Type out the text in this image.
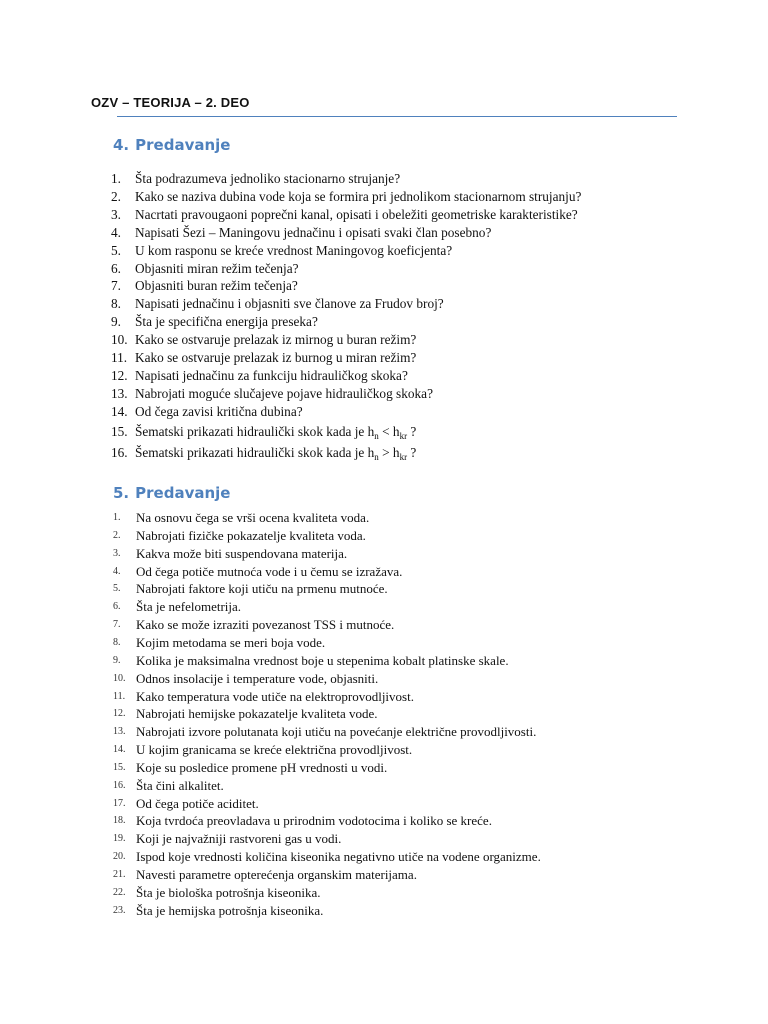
OZV – TEORIJA – 2. DEO
4. Predavanje
1. Šta podrazumeva jednoliko stacionarno strujanje?
2. Kako se naziva dubina vode koja se formira pri jednolikom stacionarnom strujanju?
3. Nacrtati pravougaoni poprečni kanal, opisati i obeležiti geometriske karakteristike?
4. Napisati Šezi – Maningovu jednačinu i opisati svaki član posebno?
5. U kom rasponu se kreće vrednost Maningovog koeficjenta?
6. Objasniti miran režim tečenja?
7. Objasniti buran režim tečenja?
8. Napisati jednačinu i objasniti sve članove za Frudov broj?
9. Šta je specifična energija preseka?
10. Kako se ostvaruje prelazak iz mirnog u buran režim?
11. Kako se ostvaruje prelazak iz burnog u miran režim?
12. Napisati jednačinu za funkciju hidrauličkog skoka?
13. Nabrojati moguće slučajeve pojave hidrauličkog skoka?
14. Od čega zavisi kritična dubina?
15. Šematski prikazati hidraulički skok kada je $h_n < h_{kr}$ ?
16. Šematski prikazati hidraulički skok kada je $h_n > h_{kr}$ ?
5. Predavanje
1. Na osnovu čega se vrši ocena kvaliteta voda.
2. Nabrojati fizičke pokazatelje kvaliteta voda.
3. Kakva može biti suspendovana materija.
4. Od čega potiče mutnoća vode i u čemu se izražava.
5. Nabrojati faktore koji utiču na prmenu mutnoće.
6. Šta je nefelometrija.
7. Kako se može izraziti povezanost TSS i mutnoće.
8. Kojim metodama se meri boja vode.
9. Kolika je maksimalna vrednost boje u stepenima kobalt platinske skale.
10. Odnos insolacije i temperature vode, objasniti.
11. Kako temperatura vode utiče na elektroprovodljivost.
12. Nabrojati hemijske pokazatelje kvaliteta vode.
13. Nabrojati izvore polutanata koji utiču na povećanje električne provodljivosti.
14. U kojim granicama se kreće električna provodljivost.
15. Koje su posledice promene pH vrednosti u vodi.
16. Šta čini alkalitet.
17. Od čega potiče aciditet.
18. Koja tvrdoća preovladava u prirodnim vodotocima i koliko se kreće.
19. Koji je najvažniji rastvoreni gas u vodi.
20. Ispod koje vrednosti količina kiseonika negativno utiče na vodene organizme.
21. Navesti parametre opterećenja organskim materijama.
22. Šta je biološka potrošnja kiseonika.
23. Šta je hemijska potrošnja kiseonika.
